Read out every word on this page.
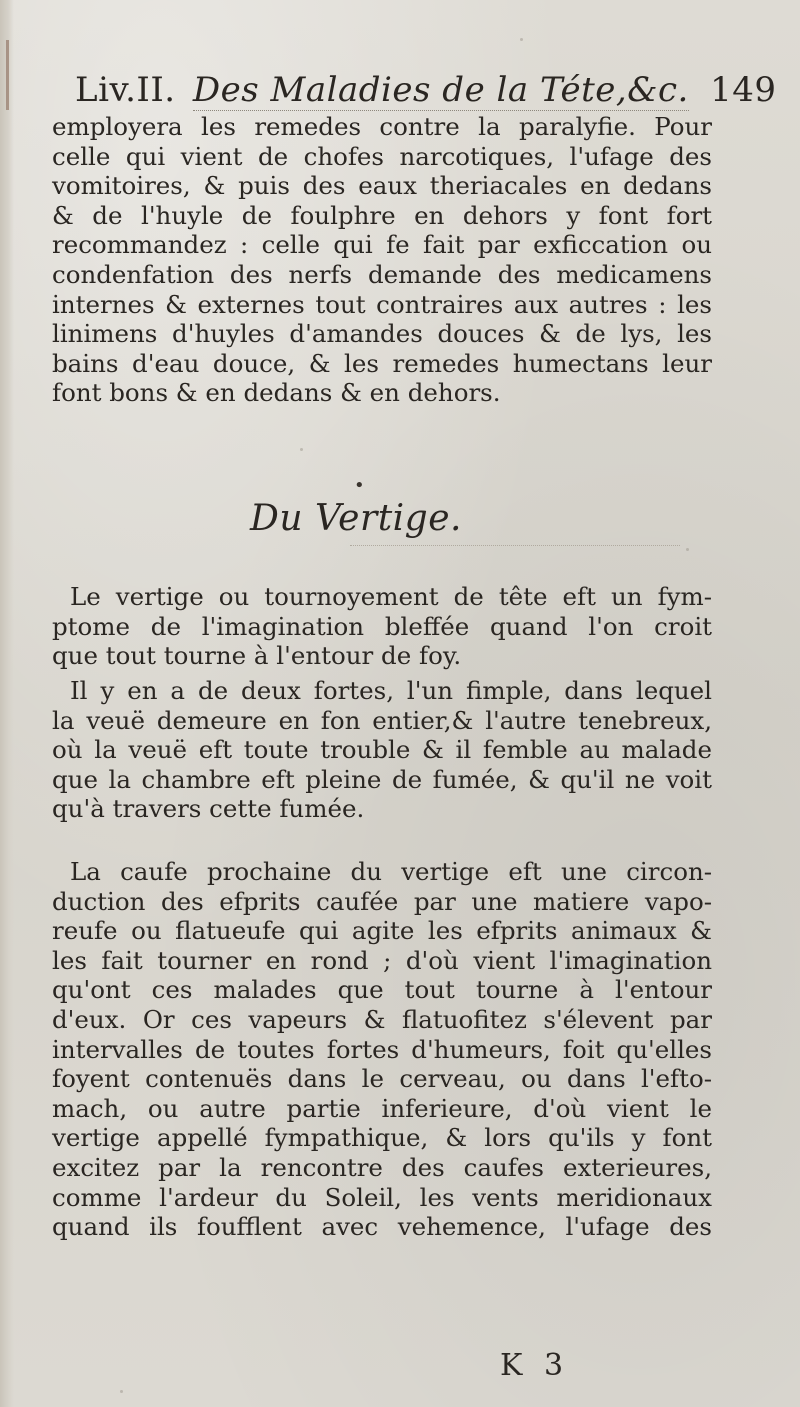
Liv.II. Des Maladies de la Téte,&c. 149
employera les remedes contre la paralyfie. Pour
celle qui vient de chofes narcotiques, l'ufage des
vomitoires, & puis des eaux theriacales en dedans
& de l'huyle de foulphre en dehors y font fort
recommandez : celle qui fe fait par exficcation ou
condenfation des nerfs demande des medicamens
internes & externes tout contraires aux autres : les
linimens d'huyles d'amandes douces & de lys, les
bains d'eau douce, & les remedes humectans leur
font bons & en dedans & en dehors.
•
Du Vertige.
Le vertige ou tournoyement de tête eft un fym-
ptome de l'imagination bleffée quand l'on croit
que tout tourne à l'entour de foy.
Il y en a de deux fortes, l'un fimple, dans lequel
la veuë demeure en fon entier,& l'autre tenebreux,
où la veuë eft toute trouble & il femble au malade
que la chambre eft pleine de fumée, & qu'il ne voit
qu'à travers cette fumée.
La caufe prochaine du vertige eft une circon-
duction des efprits caufée par une matiere vapo-
reufe ou flatueufe qui agite les efprits animaux &
les fait tourner en rond ; d'où vient l'imagination
qu'ont ces malades que tout tourne à l'entour
d'eux. Or ces vapeurs & flatuofitez s'élevent par
intervalles de toutes fortes d'humeurs, foit qu'elles
foyent contenuës dans le cerveau, ou dans l'efto-
mach, ou autre partie inferieure, d'où vient le
vertige appellé fympathique, & lors qu'ils y font
excitez par la rencontre des caufes exterieures,
comme l'ardeur du Soleil, les vents meridionaux
quand ils foufflent avec vehemence, l'ufage des
K 3
